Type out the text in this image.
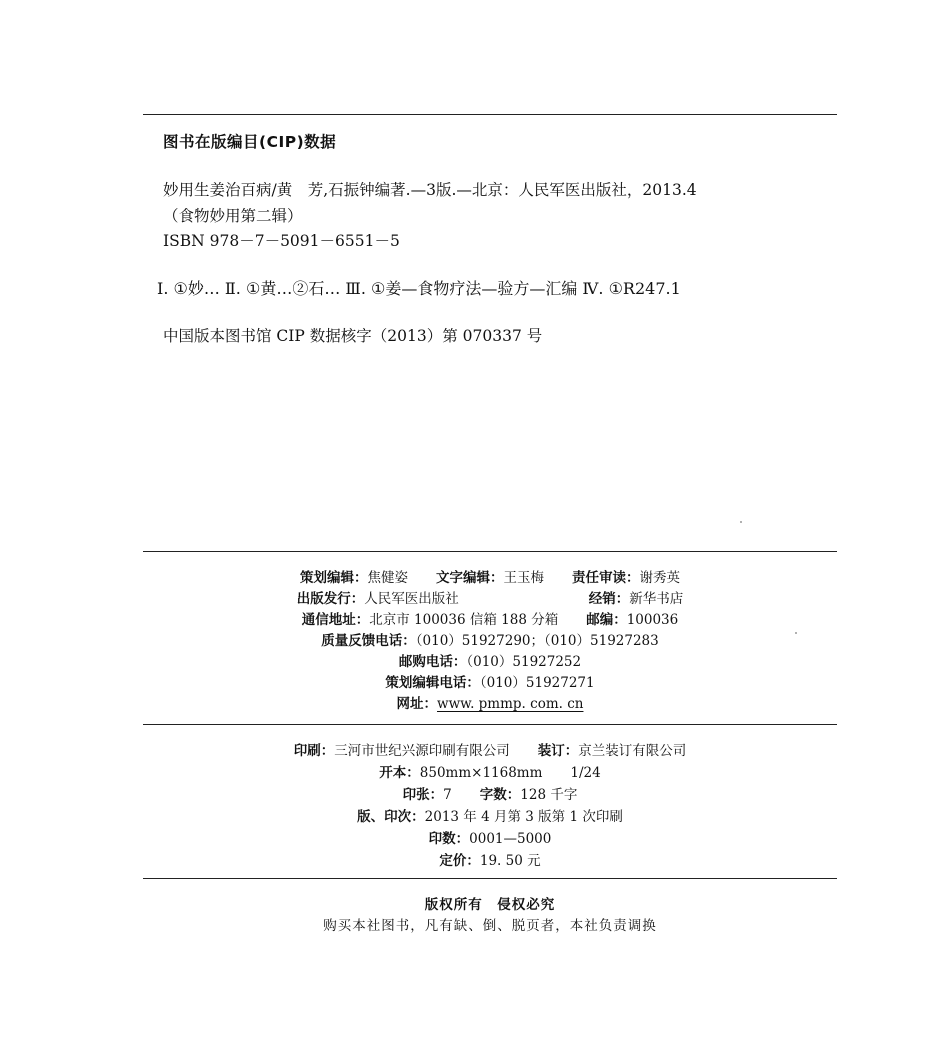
图书在版编目(CIP)数据
妙用生姜治百病/黄　芳,石振钟编著.—3版.—北京：人民军医出版社，2013.4
（食物妙用第二辑）
ISBN 978－7－5091－6551－5
Ⅰ. ①妙… Ⅱ. ①黄…②石… Ⅲ. ①姜—食物疗法—验方—汇编 Ⅳ. ①R247.1
中国版本图书馆 CIP 数据核字（2013）第 070337 号
策划编辑：焦健姿 文字编辑：王玉梅 责任审读：谢秀英
出版发行：人民军医出版社	经销：新华书店
通信地址：北京市 100036 信箱 188 分箱 邮编：100036
质量反馈电话：（010）51927290；（010）51927283
邮购电话：（010）51927252
策划编辑电话：（010）51927271
网址：www. pmmp. com. cn
印刷：三河市世纪兴源印刷有限公司 装订：京兰装订有限公司
开本：850mm×1168mm 1/24
印张：7 字数：128 千字
版、印次：2013 年 4 月第 3 版第 1 次印刷
印数：0001—5000
定价：19. 50 元
版权所有　侵权必究
购买本社图书，凡有缺、倒、脱页者，本社负责调换
